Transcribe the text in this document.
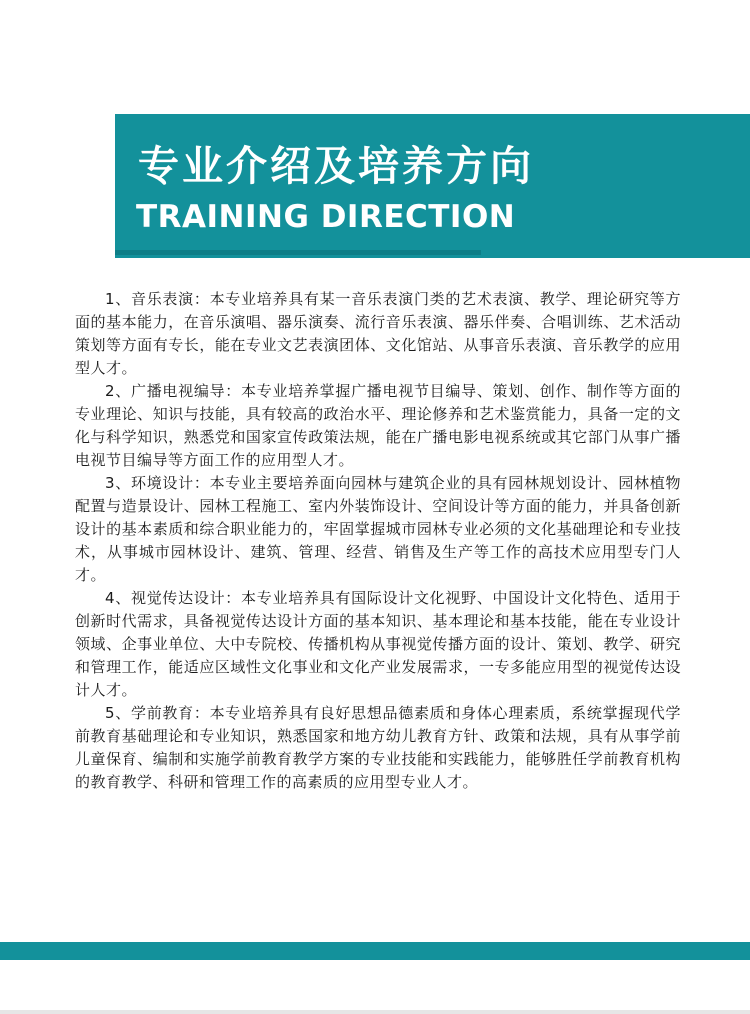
专业介绍及培养方向
TRAINING DIRECTION

1、音乐表演：本专业培养具有某一音乐表演门类的艺术表演、教学、理论研究等方面的基本能力，在音乐演唱、器乐演奏、流行音乐表演、器乐伴奏、合唱训练、艺术活动策划等方面有专长，能在专业文艺表演团体、文化馆站、从事音乐表演、音乐教学的应用型人才。

2、广播电视编导：本专业培养掌握广播电视节目编导、策划、创作、制作等方面的专业理论、知识与技能，具有较高的政治水平、理论修养和艺术鉴赏能力，具备一定的文化与科学知识，熟悉党和国家宣传政策法规，能在广播电影电视系统或其它部门从事广播电视节目编导等方面工作的应用型人才。

3、环境设计：本专业主要培养面向园林与建筑企业的具有园林规划设计、园林植物配置与造景设计、园林工程施工、室内外装饰设计、空间设计等方面的能力，并具备创新设计的基本素质和综合职业能力的，牢固掌握城市园林专业必须的文化基础理论和专业技术，从事城市园林设计、建筑、管理、经营、销售及生产等工作的高技术应用型专门人才。

4、视觉传达设计：本专业培养具有国际设计文化视野、中国设计文化特色、适用于创新时代需求，具备视觉传达设计方面的基本知识、基本理论和基本技能，能在专业设计领域、企事业单位、大中专院校、传播机构从事视觉传播方面的设计、策划、教学、研究和管理工作，能适应区域性文化事业和文化产业发展需求，一专多能应用型的视觉传达设计人才。

5、学前教育：本专业培养具有良好思想品德素质和身体心理素质，系统掌握现代学前教育基础理论和专业知识，熟悉国家和地方幼儿教育方针、政策和法规，具有从事学前儿童保育、编制和实施学前教育教学方案的专业技能和实践能力，能够胜任学前教育机构的教育教学、科研和管理工作的高素质的应用型专业人才。
